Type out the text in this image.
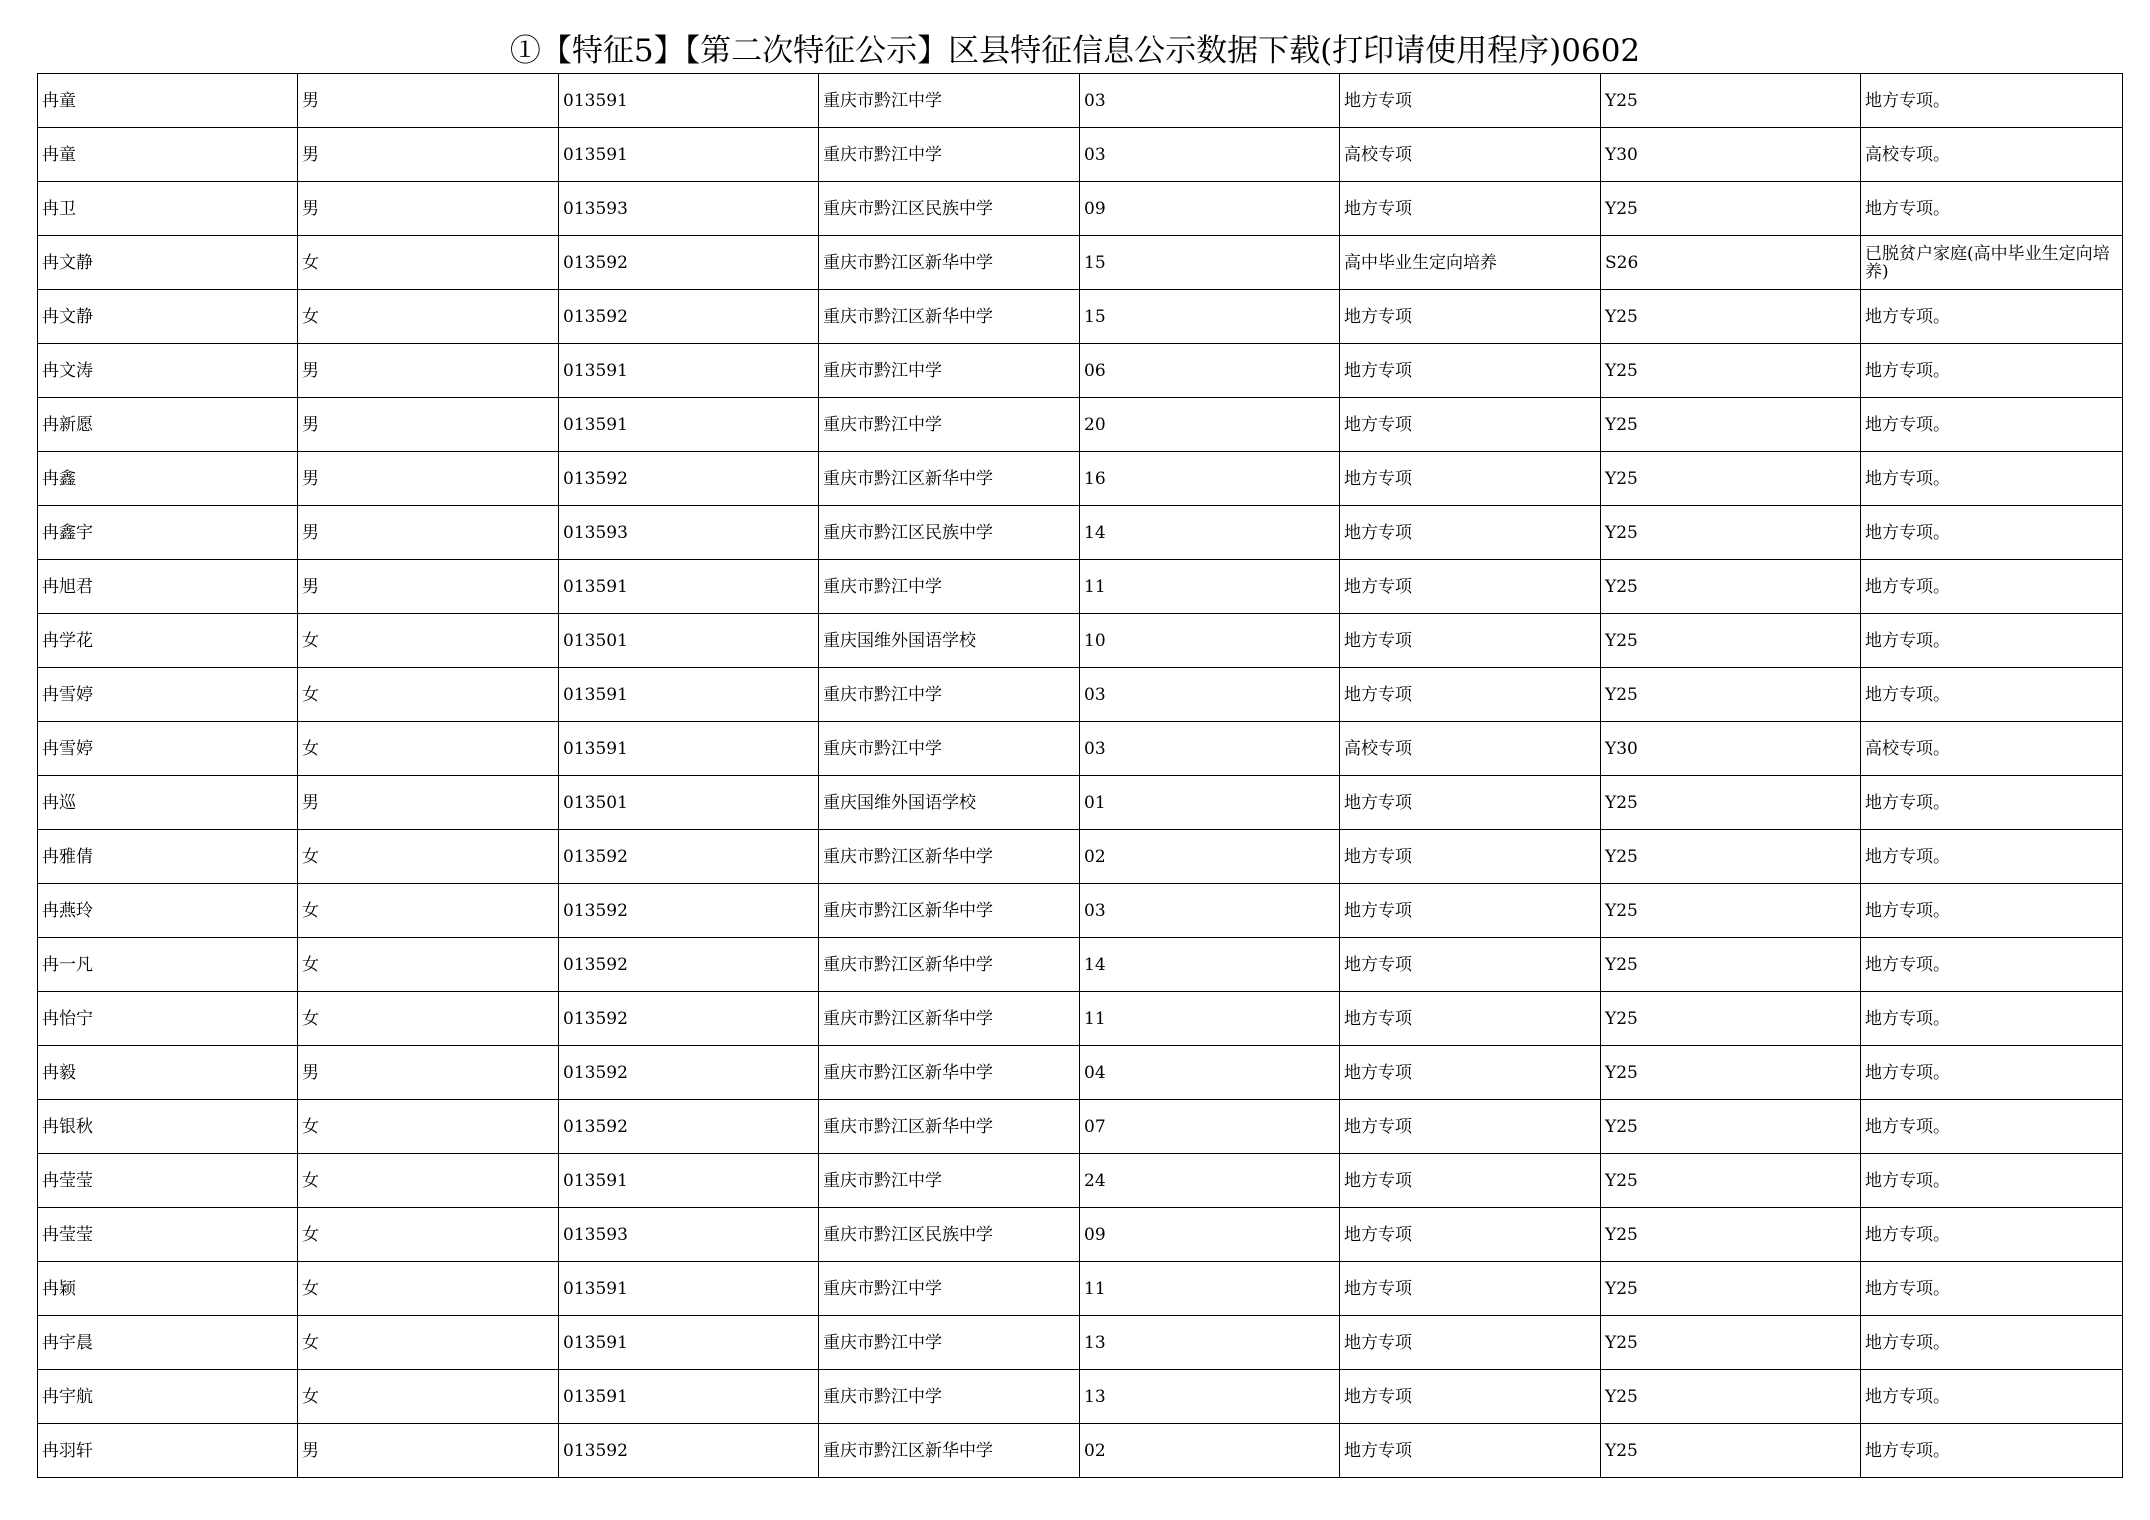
①【特征5】【第二次特征公示】区县特征信息公示数据下载(打印请使用程序)0602
冉童	男	013591	重庆市黔江中学	03	地方专项	Y25	地方专项。
冉童	男	013591	重庆市黔江中学	03	高校专项	Y30	高校专项。
冉卫	男	013593	重庆市黔江区民族中学	09	地方专项	Y25	地方专项。
冉文静	女	013592	重庆市黔江区新华中学	15	高中毕业生定向培养	S26	已脱贫户家庭(高中毕业生定向培养)
冉文静	女	013592	重庆市黔江区新华中学	15	地方专项	Y25	地方专项。
冉文涛	男	013591	重庆市黔江中学	06	地方专项	Y25	地方专项。
冉新愿	男	013591	重庆市黔江中学	20	地方专项	Y25	地方专项。
冉鑫	男	013592	重庆市黔江区新华中学	16	地方专项	Y25	地方专项。
冉鑫宇	男	013593	重庆市黔江区民族中学	14	地方专项	Y25	地方专项。
冉旭君	男	013591	重庆市黔江中学	11	地方专项	Y25	地方专项。
冉学花	女	013501	重庆国维外国语学校	10	地方专项	Y25	地方专项。
冉雪婷	女	013591	重庆市黔江中学	03	地方专项	Y25	地方专项。
冉雪婷	女	013591	重庆市黔江中学	03	高校专项	Y30	高校专项。
冉巡	男	013501	重庆国维外国语学校	01	地方专项	Y25	地方专项。
冉雅倩	女	013592	重庆市黔江区新华中学	02	地方专项	Y25	地方专项。
冉燕玲	女	013592	重庆市黔江区新华中学	03	地方专项	Y25	地方专项。
冉一凡	女	013592	重庆市黔江区新华中学	14	地方专项	Y25	地方专项。
冉怡宁	女	013592	重庆市黔江区新华中学	11	地方专项	Y25	地方专项。
冉毅	男	013592	重庆市黔江区新华中学	04	地方专项	Y25	地方专项。
冉银秋	女	013592	重庆市黔江区新华中学	07	地方专项	Y25	地方专项。
冉莹莹	女	013591	重庆市黔江中学	24	地方专项	Y25	地方专项。
冉莹莹	女	013593	重庆市黔江区民族中学	09	地方专项	Y25	地方专项。
冉颖	女	013591	重庆市黔江中学	11	地方专项	Y25	地方专项。
冉宇晨	女	013591	重庆市黔江中学	13	地方专项	Y25	地方专项。
冉宇航	女	013591	重庆市黔江中学	13	地方专项	Y25	地方专项。
冉羽轩	男	013592	重庆市黔江区新华中学	02	地方专项	Y25	地方专项。
